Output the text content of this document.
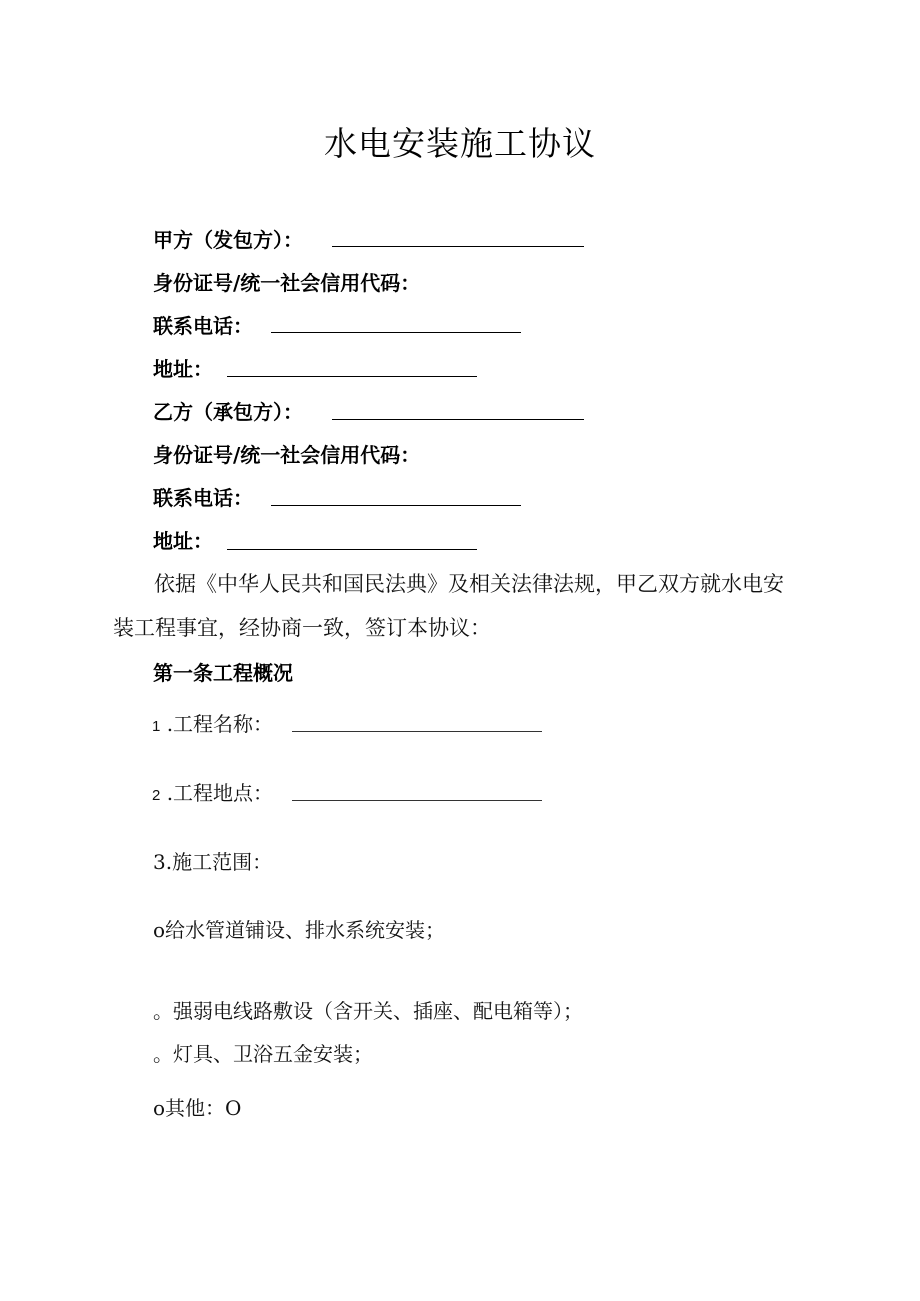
水电安装施工协议
甲方（发包方）：
身份证号/统一社会信用代码：
联系电话：
地址：
乙方（承包方）：
身份证号/统一社会信用代码：
联系电话：
地址：
依据《中华人民共和国民法典》及相关法律法规，甲乙双方就水电安
装工程事宜，经协商一致，签订本协议：
第一条工程概况
1 .工程名称：
2 .工程地点：
3.施工范围：
o给水管道铺设、排水系统安装；
。强弱电线路敷设（含开关、插座、配电箱等）；
。灯具、卫浴五金安装；
o其他：O
